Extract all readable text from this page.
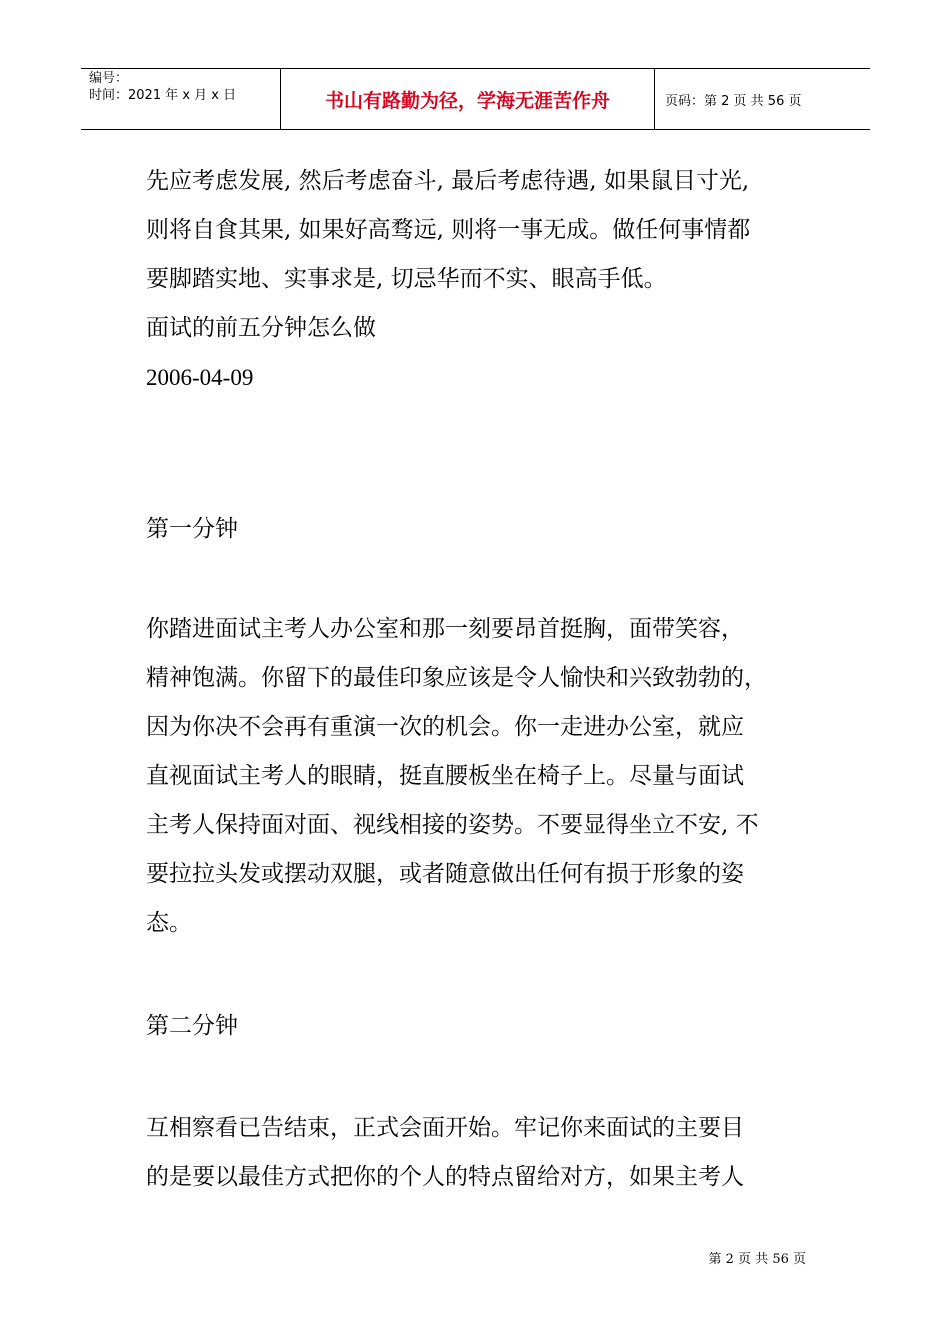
编号：
时间：2021 年 x 月 x 日	书山有路勤为径，学海无涯苦作舟	页码：第 2 页 共 56 页

先应考虑发展, 然后考虑奋斗, 最后考虑待遇, 如果鼠目寸光,

则将自食其果, 如果好高骛远, 则将一事无成。做任何事情都

要脚踏实地、实事求是, 切忌华而不实、眼高手低。

面试的前五分钟怎么做

2006-04-09

第一分钟

你踏进面试主考人办公室和那一刻要昂首挺胸，面带笑容，

精神饱满。你留下的最佳印象应该是令人愉快和兴致勃勃的，

因为你决不会再有重演一次的机会。你一走进办公室，就应

直视面试主考人的眼睛，挺直腰板坐在椅子上。尽量与面试

主考人保持面对面、视线相接的姿势。不要显得坐立不安, 不

要拉拉头发或摆动双腿，或者随意做出任何有损于形象的姿

态。

第二分钟

互相察看已告结束，正式会面开始。牢记你来面试的主要目

的是要以最佳方式把你的个人的特点留给对方，如果主考人

第 2 页 共 56 页
